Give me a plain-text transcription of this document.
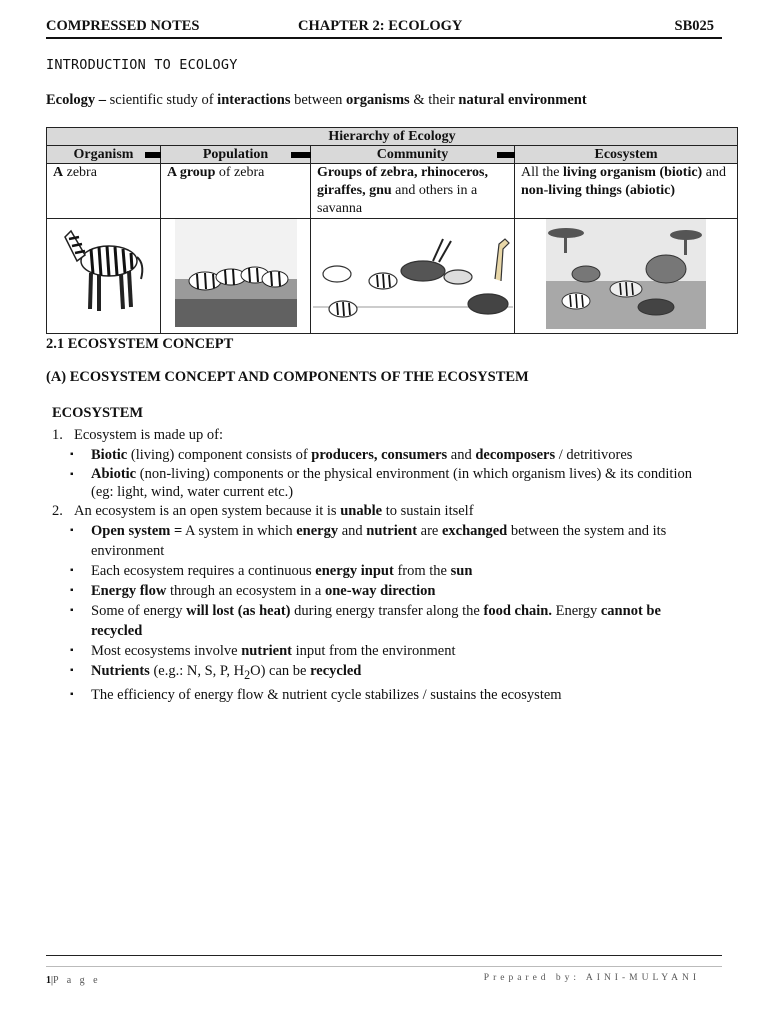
COMPRESSED NOTES	CHAPTER 2: ECOLOGY	SB025
INTRODUCTION TO ECOLOGY
Ecology – scientific study of interactions between organisms & their natural environment
Hierarchy of Ecology			
Organism	Population	Community	Ecosystem
A zebra	A group of zebra	Groups of zebra, rhinoceros, giraffes, gnu and others in a savanna	All the living organism (biotic) and non-living things (abiotic)

2.1 ECOSYSTEM CONCEPT
(A) ECOSYSTEM CONCEPT AND COMPONENTS OF THE ECOSYSTEM
ECOSYSTEM
1. Ecosystem is made up of:
▪	Biotic (living) component consists of producers, consumers and decomposers / detritivores
▪	Abiotic (non-living) components or the physical environment (in which organism lives) & its condition (eg: light, wind, water current etc.)
2. An ecosystem is an open system because it is unable to sustain itself
▪	Open system = A system in which energy and nutrient are exchanged between the system and its environment
▪	Each ecosystem requires a continuous energy input from the sun
▪	Energy flow through an ecosystem in a one-way direction
▪	Some of energy will lost (as heat) during energy transfer along the food chain. Energy cannot be recycled
▪	Most ecosystems involve nutrient input from the environment
▪	Nutrients (e.g.: N, S, P, $H_2O$) can be recycled
▪	The efficiency of energy flow & nutrient cycle stabilizes / sustains the ecosystem
1|P a g e	Prepared by: AINI-MULYANI
